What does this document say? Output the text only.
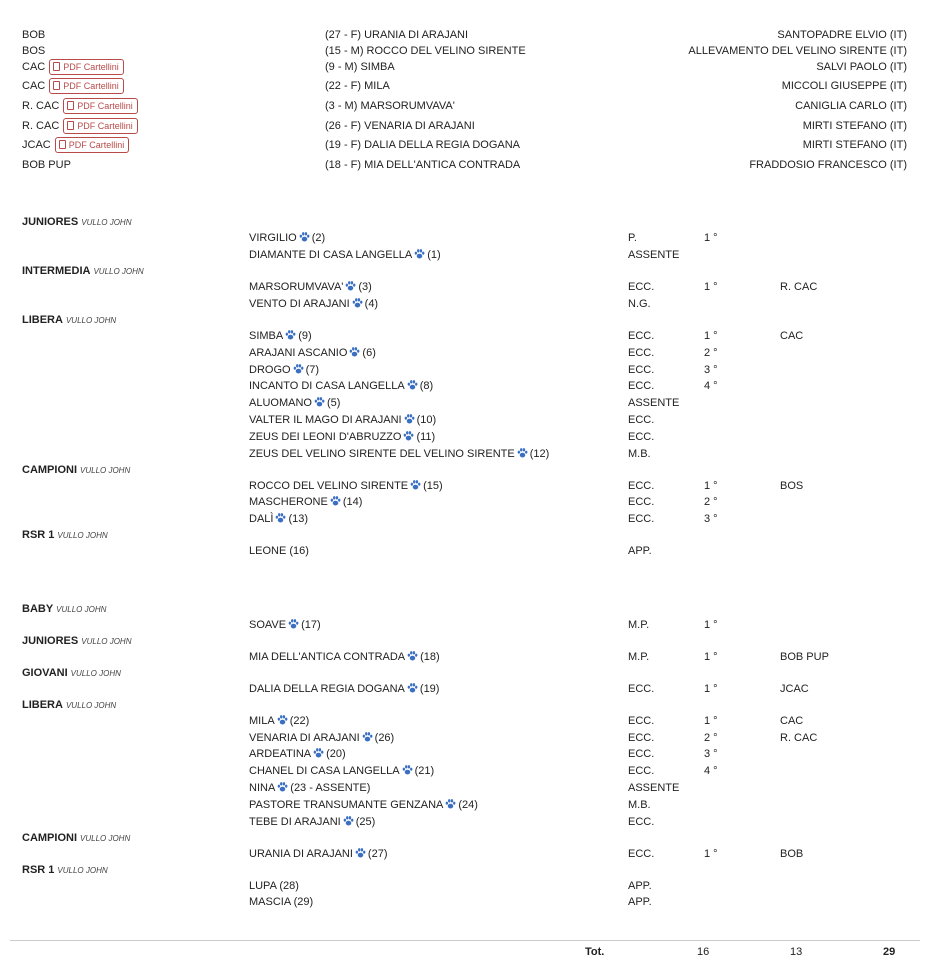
GIUDICE DEL BOB: VULLO JOHN (IT)	Proprietario
BOB	(27 - F) URANIA DI ARAJANI	SANTOPADRE ELVIO (IT)
BOS	(15 - M) ROCCO DEL VELINO SIRENTE	ALLEVAMENTO DEL VELINO SIRENTE (IT)
CAC PDF Cartellini	(9 - M) SIMBA	SALVI PAOLO (IT)
CAC PDF Cartellini	(22 - F) MILA	MICCOLI GIUSEPPE (IT)
R. CAC PDF Cartellini	(3 - M) MARSORUMVAVA'	CANIGLIA CARLO (IT)
R. CAC PDF Cartellini	(26 - F) VENARIA DI ARAJANI	MIRTI STEFANO (IT)
JCAC PDF Cartellini	(19 - F) DALIA DELLA REGIA DOGANA	MIRTI STEFANO (IT)
BOB PUP	(18 - F) MIA DELL'ANTICA CONTRADA	FRADDOSIO FRANCESCO (IT)
Maschi
JUNIORES VULLO JOHN
VIRGILIO (2)	P.	1 °
DIAMANTE DI CASA LANGELLA (1)	ASSENTE
INTERMEDIA VULLO JOHN
MARSORUMVAVA' (3)	ECC.	1 °	R. CAC
VENTO DI ARAJANI (4)	N.G.
LIBERA VULLO JOHN
SIMBA (9)	ECC.	1 °	CAC
ARAJANI ASCANIO (6)	ECC.	2 °
DROGO (7)	ECC.	3 °
INCANTO DI CASA LANGELLA (8)	ECC.	4 °
ALUOMANO (5)	ASSENTE
VALTER IL MAGO DI ARAJANI (10)	ECC.
ZEUS DEI LEONI D'ABRUZZO (11)	ECC.
ZEUS DEL VELINO SIRENTE DEL VELINO SIRENTE (12)	M.B.
CAMPIONI VULLO JOHN
ROCCO DEL VELINO SIRENTE (15)	ECC.	1 °	BOS
MASCHERONE (14)	ECC.	2 °
DALÌ (13)	ECC.	3 °
RSR 1 VULLO JOHN
LEONE (16)	APP.
Femmine
BABY VULLO JOHN
SOAVE (17)	M.P.	1 °
JUNIORES VULLO JOHN
MIA DELL'ANTICA CONTRADA (18)	M.P.	1 °	BOB PUP
GIOVANI VULLO JOHN
DALIA DELLA REGIA DOGANA (19)	ECC.	1 °	JCAC
LIBERA VULLO JOHN
MILA (22)	ECC.	1 °	CAC
VENARIA DI ARAJANI (26)	ECC.	2 °	R. CAC
ARDEATINA (20)	ECC.	3 °
CHANEL DI CASA LANGELLA (21)	ECC.	4 °
NINA (23 - ASSENTE)	ASSENTE
PASTORE TRANSUMANTE GENZANA (24)	M.B.
TEBE DI ARAJANI (25)	ECC.
CAMPIONI VULLO JOHN
URANIA DI ARAJANI (27)	ECC.	1 °	BOB
RSR 1 VULLO JOHN
LUPA (28)	APP.
MASCIA (29)	APP.
Tot.	16	13	29
